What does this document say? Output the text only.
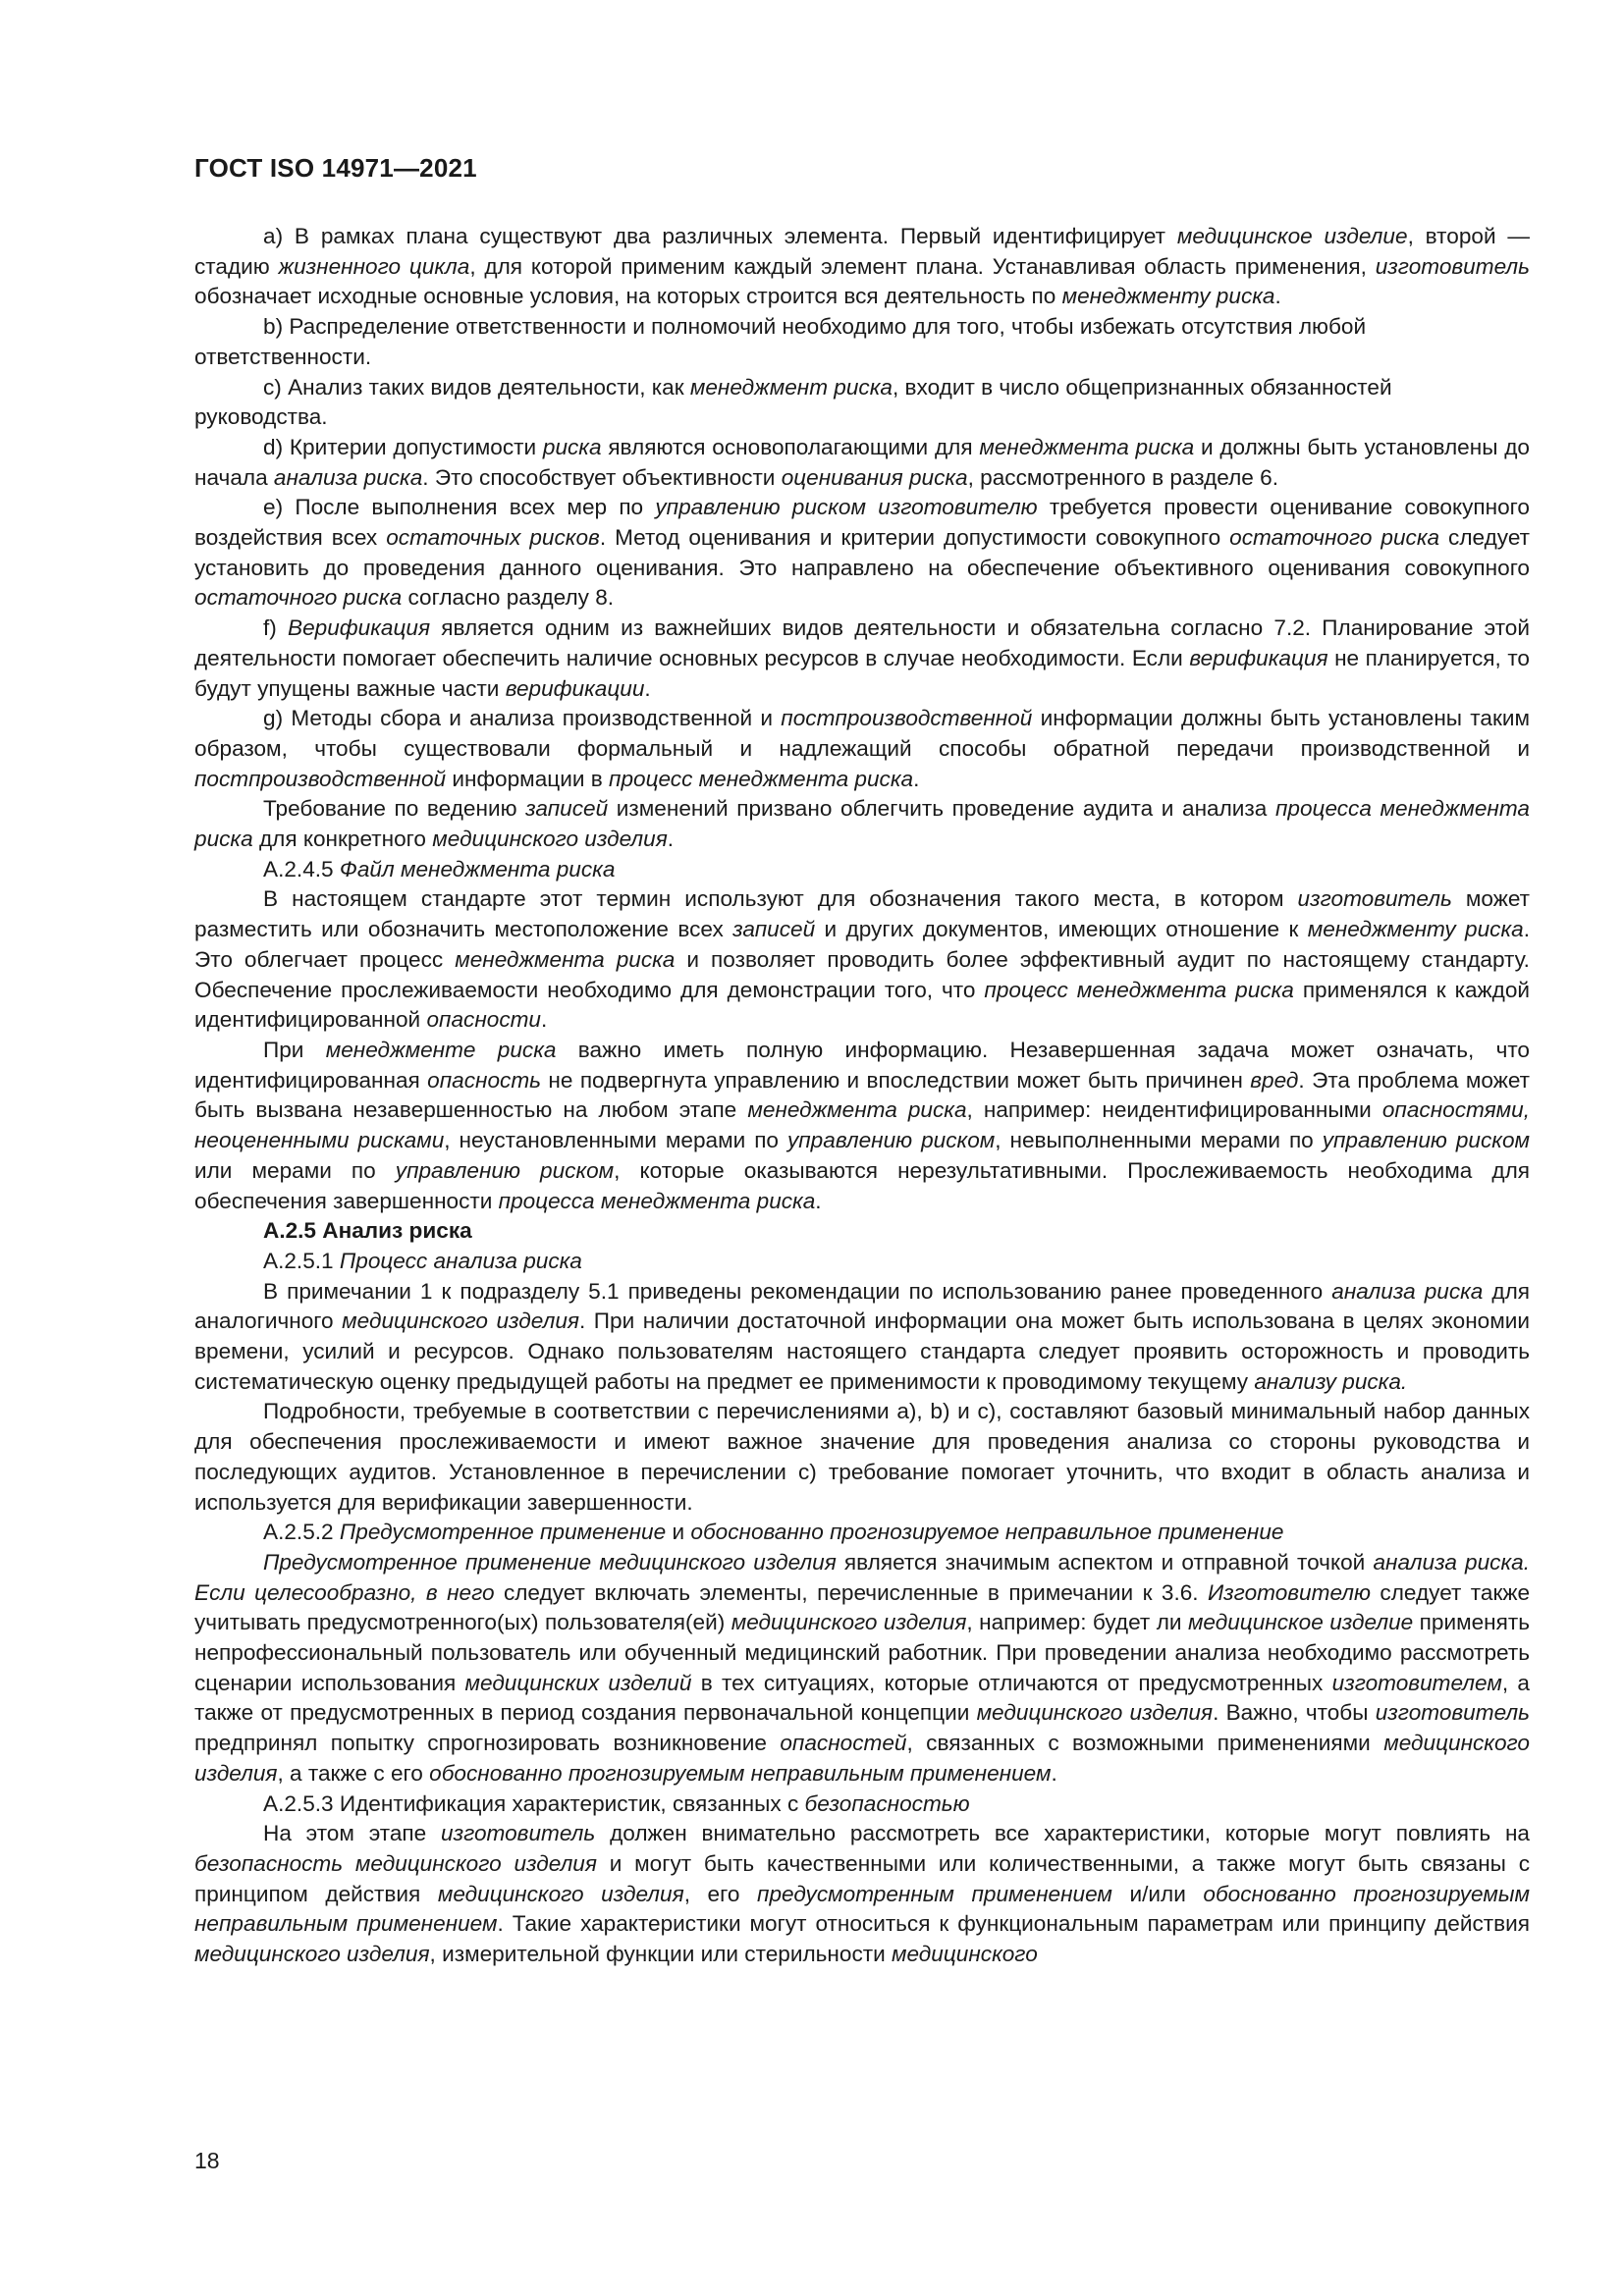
ГОСТ ISO 14971—2021

a) В рамках плана существуют два различных элемента. Первый идентифицирует медицинское изделие, второй — стадию жизненного цикла, для которой применим каждый элемент плана. Устанавливая область применения, изготовитель обозначает исходные основные условия, на которых строится вся деятельность по менеджменту риска.

b) Распределение ответственности и полномочий необходимо для того, чтобы избежать отсутствия любой ответственности.

c) Анализ таких видов деятельности, как менеджмент риска, входит в число общепризнанных обязанностей руководства.

d) Критерии допустимости риска являются основополагающими для менеджмента риска и должны быть установлены до начала анализа риска. Это способствует объективности оценивания риска, рассмотренного в разделе 6.

e) После выполнения всех мер по управлению риском изготовителю требуется провести оценивание совокупного воздействия всех остаточных рисков. Метод оценивания и критерии допустимости совокупного остаточного риска следует установить до проведения данного оценивания. Это направлено на обеспечение объективного оценивания совокупного остаточного риска согласно разделу 8.

f) Верификация является одним из важнейших видов деятельности и обязательна согласно 7.2. Планирование этой деятельности помогает обеспечить наличие основных ресурсов в случае необходимости. Если верификация не планируется, то будут упущены важные части верификации.

g) Методы сбора и анализа производственной и постпроизводственной информации должны быть установлены таким образом, чтобы существовали формальный и надлежащий способы обратной передачи производственной и постпроизводственной информации в процесс менеджмента риска.

Требование по ведению записей изменений призвано облегчить проведение аудита и анализа процесса менеджмента риска для конкретного медицинского изделия.

A.2.4.5 Файл менеджмента риска

В настоящем стандарте этот термин используют для обозначения такого места, в котором изготовитель может разместить или обозначить местоположение всех записей и других документов, имеющих отношение к менеджменту риска. Это облегчает процесс менеджмента риска и позволяет проводить более эффективный аудит по настоящему стандарту. Обеспечение прослеживаемости необходимо для демонстрации того, что процесс менеджмента риска применялся к каждой идентифицированной опасности.

При менеджменте риска важно иметь полную информацию. Незавершенная задача может означать, что идентифицированная опасность не подвергнута управлению и впоследствии может быть причинен вред. Эта проблема может быть вызвана незавершенностью на любом этапе менеджмента риска, например: неидентифицированными опасностями, неоцененными рисками, неустановленными мерами по управлению риском, невыполненными мерами по управлению риском или мерами по управлению риском, которые оказываются нерезультативными. Прослеживаемость необходима для обеспечения завершенности процесса менеджмента риска.

A.2.5 Анализ риска

A.2.5.1 Процесс анализа риска

В примечании 1 к подразделу 5.1 приведены рекомендации по использованию ранее проведенного анализа риска для аналогичного медицинского изделия. При наличии достаточной информации она может быть использована в целях экономии времени, усилий и ресурсов. Однако пользователям настоящего стандарта следует проявить осторожность и проводить систематическую оценку предыдущей работы на предмет ее применимости к проводимому текущему анализу риска.

Подробности, требуемые в соответствии с перечислениями а), b) и с), составляют базовый минимальный набор данных для обеспечения прослеживаемости и имеют важное значение для проведения анализа со стороны руководства и последующих аудитов. Установленное в перечислении с) требование помогает уточнить, что входит в область анализа и используется для верификации завершенности.

A.2.5.2 Предусмотренное применение и обоснованно прогнозируемое неправильное применение

Предусмотренное применение медицинского изделия является значимым аспектом и отправной точкой анализа риска. Если целесообразно, в него следует включать элементы, перечисленные в примечании к 3.6. Изготовителю следует также учитывать предусмотренного(ых) пользователя(ей) медицинского изделия, например: будет ли медицинское изделие применять непрофессиональный пользователь или обученный медицинский работник. При проведении анализа необходимо рассмотреть сценарии использования медицинских изделий в тех ситуациях, которые отличаются от предусмотренных изготовителем, а также от предусмотренных в период создания первоначальной концепции медицинского изделия. Важно, чтобы изготовитель предпринял попытку спрогнозировать возникновение опасностей, связанных с возможными применениями медицинского изделия, а также с его обоснованно прогнозируемым неправильным применением.

A.2.5.3 Идентификация характеристик, связанных с безопасностью

На этом этапе изготовитель должен внимательно рассмотреть все характеристики, которые могут повлиять на безопасность медицинского изделия и могут быть качественными или количественными, а также могут быть связаны с принципом действия медицинского изделия, его предусмотренным применением и/или обоснованно прогнозируемым неправильным применением. Такие характеристики могут относиться к функциональным параметрам или принципу действия медицинского изделия, измерительной функции или стерильности медицинского

18
